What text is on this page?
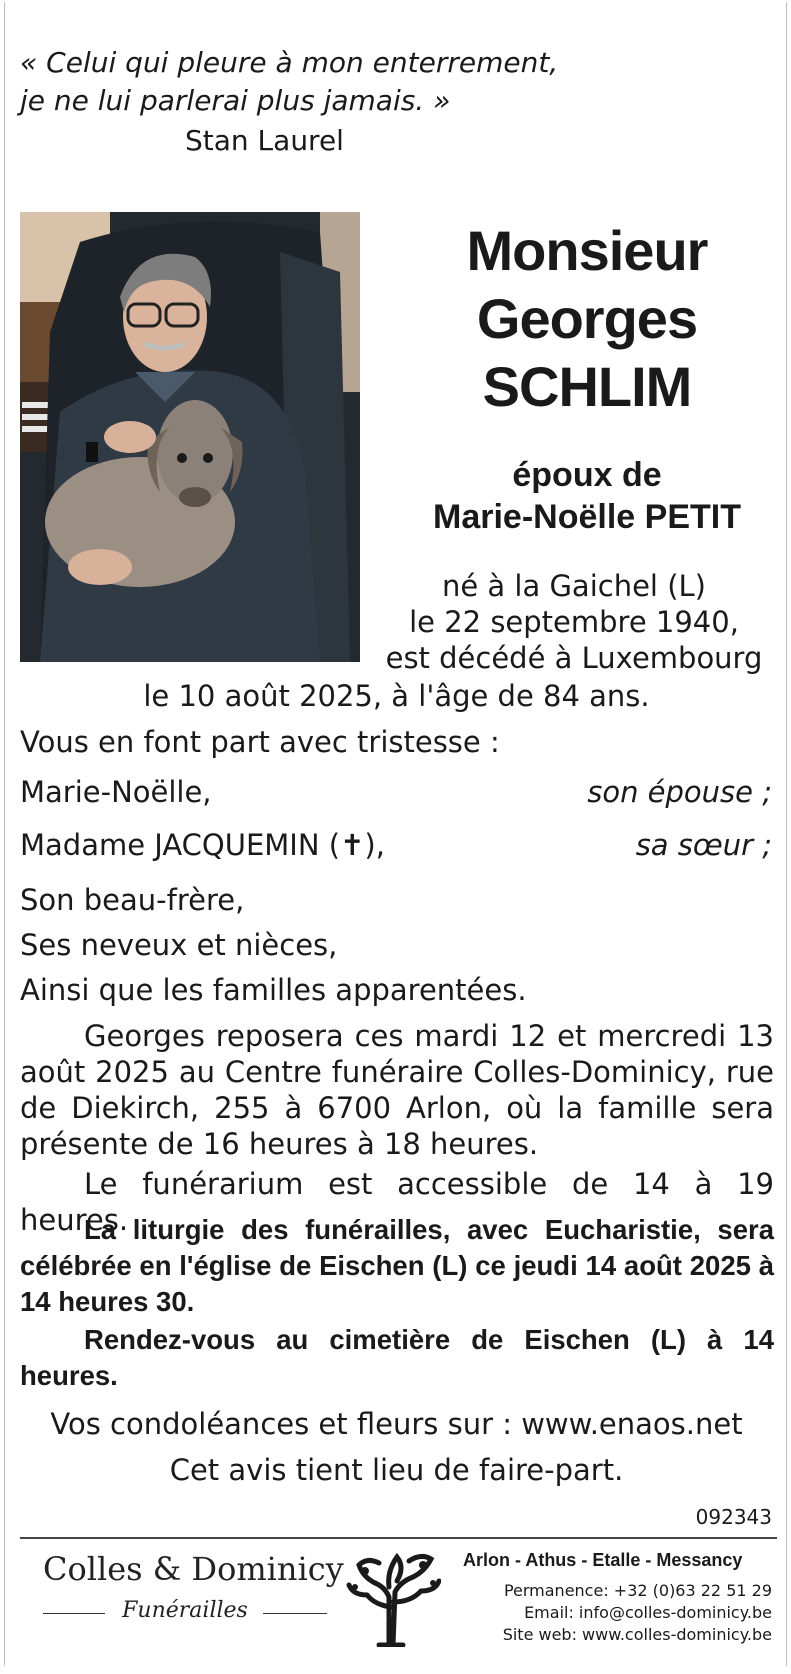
« Celui qui pleure à mon enterrement,
je ne lui parlerai plus jamais. »
Stan Laurel
Monsieur
Georges
SCHLIM
époux de
Marie-Noëlle PETIT
né à la Gaichel (L)
le 22 septembre 1940,
est décédé à Luxembourg
le 10 août 2025, à l'âge de 84 ans.
Vous en font part avec tristesse :
Marie-Noëlle,	son épouse ;
Madame JACQUEMIN (✝),	sa sœur ;
Son beau-frère,
Ses neveux et nièces,
Ainsi que les familles apparentées.
Georges reposera ces mardi 12 et mercredi 13 août 2025 au Centre funéraire Colles-Dominicy, rue de Diekirch, 255 à 6700 Arlon, où la famille sera présente de 16 heures à 18 heures.
Le funérarium est accessible de 14 à 19 heures.
La liturgie des funérailles, avec Eucharistie, sera célébrée en l'église de Eischen (L) ce jeudi 14 août 2025 à 14 heures 30.
Rendez-vous au cimetière de Eischen (L) à 14 heures.
Vos condoléances et fleurs sur : www.enaos.net
Cet avis tient lieu de faire-part.
092343
Colles & Dominicy
Funérailles
Arlon - Athus - Etalle - Messancy
Permanence: +32 (0)63 22 51 29
Email: info@colles-dominicy.be
Site web: www.colles-dominicy.be
